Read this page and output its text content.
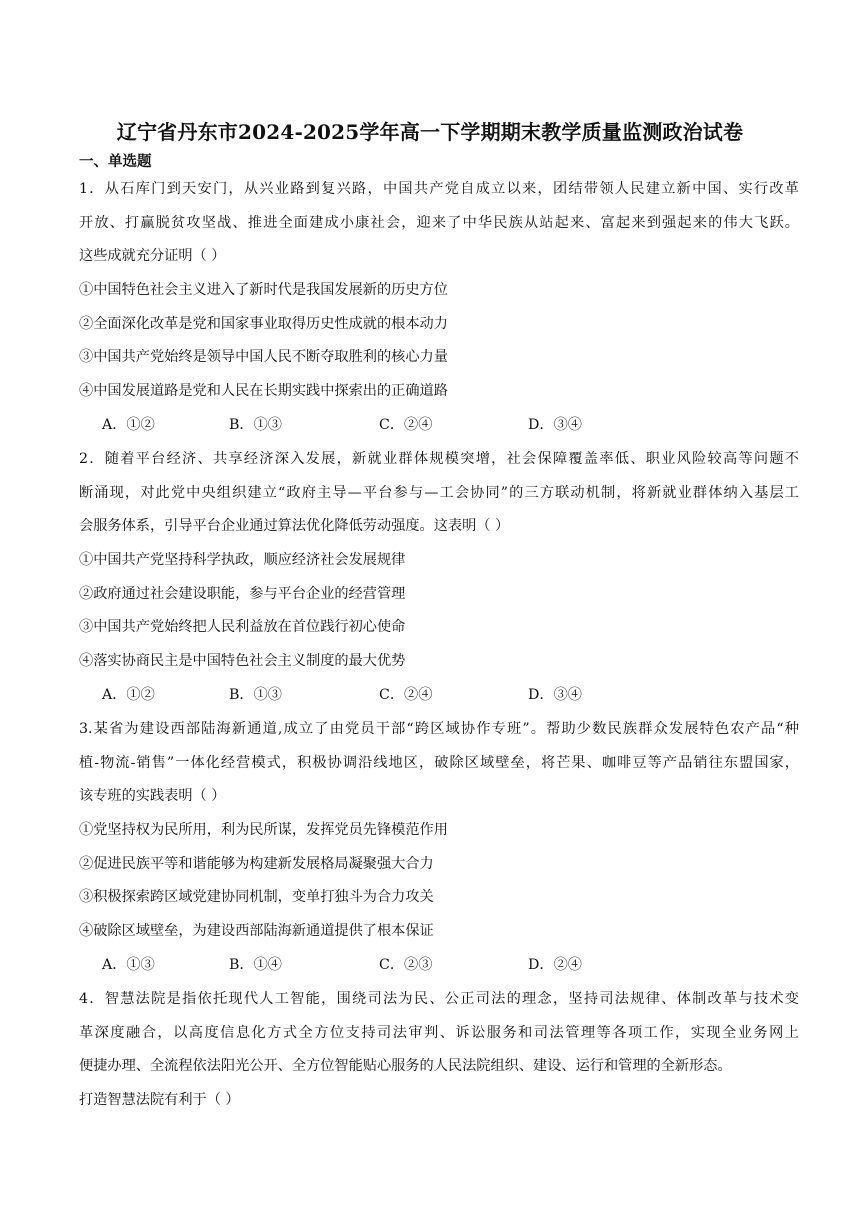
辽宁省丹东市2024-2025学年高一下学期期末教学质量监测政治试卷
一、单选题
1．从石库门到天安门，从兴业路到复兴路，中国共产党自成立以来，团结带领人民建立新中国、实行改革
开放、打赢脱贫攻坚战、推进全面建成小康社会，迎来了中华民族从站起来、富起来到强起来的伟大飞跃。
这些成就充分证明（ ）
①中国特色社会主义进入了新时代是我国发展新的历史方位
②全面深化改革是党和国家事业取得历史性成就的根本动力
③中国共产党始终是领导中国人民不断夺取胜利的核心力量
④中国发展道路是党和人民在长期实践中探索出的正确道路
A．①②	B．①③	C．②④	D．③④
2．随着平台经济、共享经济深入发展，新就业群体规模突增，社会保障覆盖率低、职业风险较高等问题不
断涌现，对此党中央组织建立“政府主导—平台参与—工会协同”的三方联动机制，将新就业群体纳入基层工
会服务体系，引导平台企业通过算法优化降低劳动强度。这表明（ ）
①中国共产党坚持科学执政，顺应经济社会发展规律
②政府通过社会建设职能，参与平台企业的经营管理
③中国共产党始终把人民利益放在首位践行初心使命
④落实协商民主是中国特色社会主义制度的最大优势
A．①②	B．①③	C．②④	D．③④
3.某省为建设西部陆海新通道,成立了由党员干部“跨区域协作专班”。帮助少数民族群众发展特色农产品“种
植-物流-销售”一体化经营模式，积极协调沿线地区，破除区域壁垒，将芒果、咖啡豆等产品销往东盟国家，
该专班的实践表明（ ）
①党坚持权为民所用，利为民所谋，发挥党员先锋模范作用
②促进民族平等和谐能够为构建新发展格局凝聚强大合力
③积极探索跨区域党建协同机制，变单打独斗为合力攻关
④破除区域壁垒，为建设西部陆海新通道提供了根本保证
A．①③	B．①④	C．②③	D．②④
4．智慧法院是指依托现代人工智能，围绕司法为民、公正司法的理念，坚持司法规律、体制改革与技术变
革深度融合，以高度信息化方式全方位支持司法审判、诉讼服务和司法管理等各项工作，实现全业务网上
便捷办理、全流程依法阳光公开、全方位智能贴心服务的人民法院组织、建设、运行和管理的全新形态。
打造智慧法院有利于（ ）
